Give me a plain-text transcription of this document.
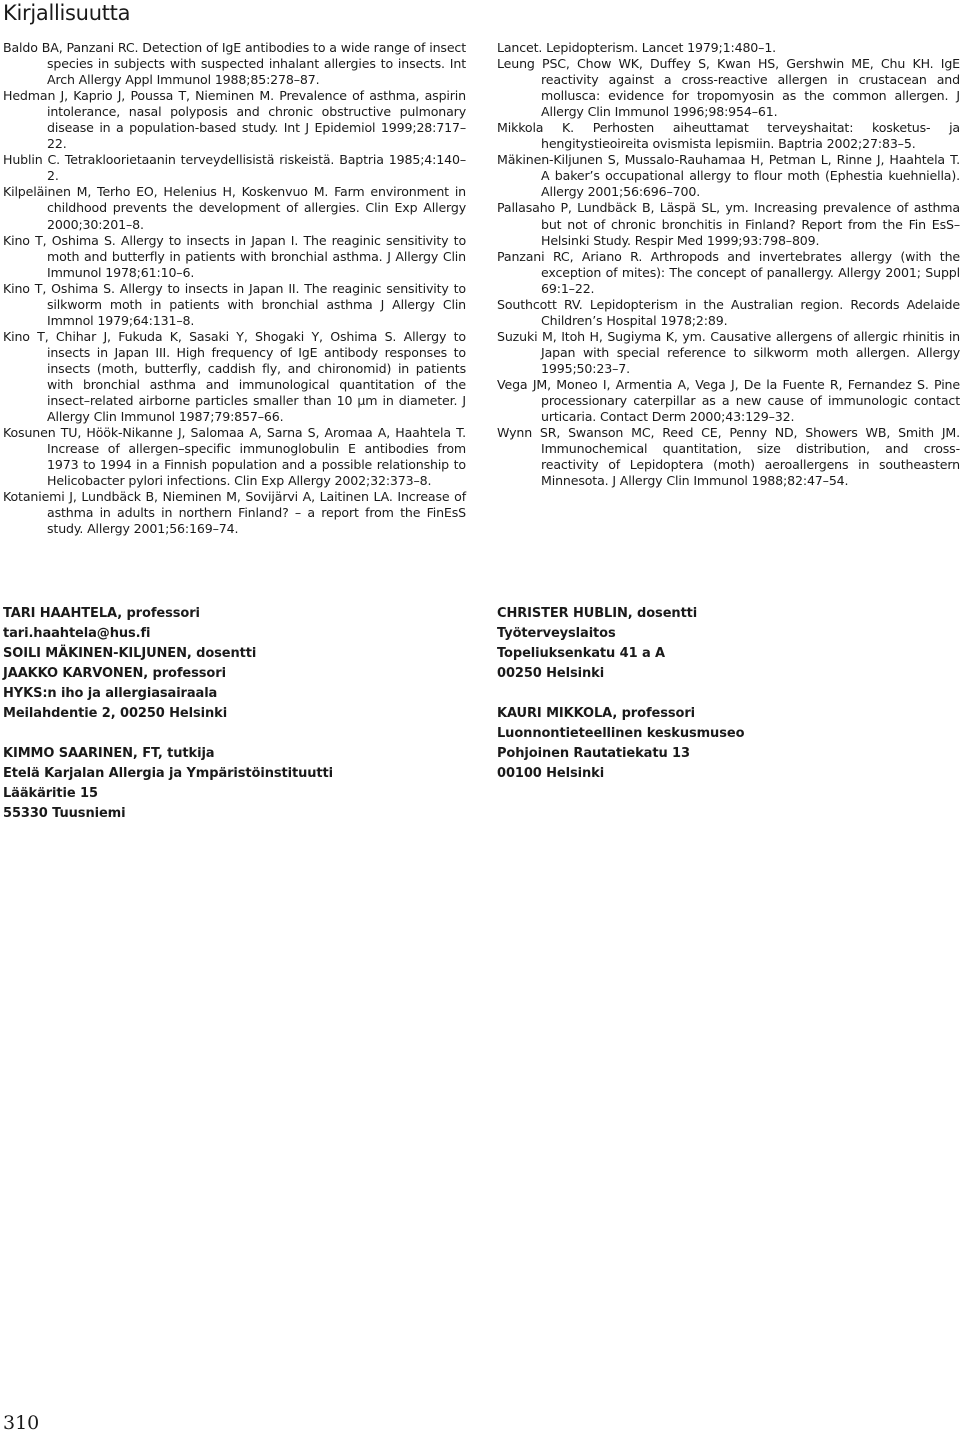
Kirjallisuutta

Baldo BA, Panzani RC. Detection of IgE antibodies to a wide range of insect species in subjects with suspected inhalant allergies to insects. Int Arch Allergy Appl Immunol 1988;85:278–87.

Hedman J, Kaprio J, Poussa T, Nieminen M. Prevalence of asthma, aspirin intolerance, nasal polyposis and chronic obstructive pulmonary disease in a population-based study. Int J Epidemiol 1999;28:717–22.

Hublin C. Tetrakloorietaanin terveydellisistä riskeistä. Baptria 1985;4:140–2.

Kilpeläinen M, Terho EO, Helenius H, Koskenvuo M. Farm environment in childhood prevents the development of allergies. Clin Exp Allergy 2000;30:201–8.

Kino T, Oshima S. Allergy to insects in Japan I. The reaginic sensitivity to moth and butterfly in patients with bronchial asthma. J Allergy Clin Immunol 1978;61:10–6.

Kino T, Oshima S. Allergy to insects in Japan II. The reaginic sensitivity to silkworm moth in patients with bronchial asthma J Allergy Clin Immnol 1979;64:131–8.

Kino T, Chihar J, Fukuda K, Sasaki Y, Shogaki Y, Oshima S. Allergy to insects in Japan III. High frequency of IgE antibody responses to insects (moth, butterfly, caddish fly, and chironomid) in patients with bronchial asthma and immunological quantitation of the insect–related airborne particles smaller than 10 µm in diameter. J Allergy Clin Immunol 1987;79:857–66.

Kosunen TU, Höök-Nikanne J, Salomaa A, Sarna S, Aromaa A, Haahtela T. Increase of allergen–specific immunoglobulin E antibodies from 1973 to 1994 in a Finnish population and a possible relationship to Helicobacter pylori infections. Clin Exp Allergy 2002;32:373–8.

Kotaniemi J, Lundbäck B, Nieminen M, Sovijärvi A, Laitinen LA. Increase of asthma in adults in northern Finland? – a report from the FinEsS study. Allergy 2001;56:169–74.

Lancet. Lepidopterism. Lancet 1979;1:480–1.

Leung PSC, Chow WK, Duffey S, Kwan HS, Gershwin ME, Chu KH. IgE reactivity against a cross-reactive allergen in crustacean and mollusca: evidence for tropomyosin as the common allergen. J Allergy Clin Immunol 1996;98:954–61.

Mikkola K. Perhosten aiheuttamat terveyshaitat: kosketus- ja hengitystieoireita ovismista lepismiin. Baptria 2002;27:83–5.

Mäkinen-Kiljunen S, Mussalo-Rauhamaa H, Petman L, Rinne J, Haahtela T. A baker’s occupational allergy to flour moth (Ephestia kuehniella). Allergy 2001;56:696–700.

Pallasaho P, Lundbäck B, Läspä SL, ym. Increasing prevalence of asthma but not of chronic bronchitis in Finland? Report from the Fin EsS–Helsinki Study. Respir Med 1999;93:798–809.

Panzani RC, Ariano R. Arthropods and invertebrates allergy (with the exception of mites): The concept of panallergy. Allergy 2001; Suppl 69:1–22.

Southcott RV. Lepidopterism in the Australian region. Records Adelaide Children’s Hospital 1978;2:89.

Suzuki M, Itoh H, Sugiyma K, ym. Causative allergens of allergic rhinitis in Japan with special reference to silkworm moth allergen. Allergy 1995;50:23–7.

Vega JM, Moneo I, Armentia A, Vega J, De la Fuente R, Fernandez S. Pine processionary caterpillar as a new cause of immunologic contact urticaria. Contact Derm 2000;43:129–32.

Wynn SR, Swanson MC, Reed CE, Penny ND, Showers WB, Smith JM. Immunochemical quantitation, size distribution, and cross-reactivity of Lepidoptera (moth) aeroallergens in southeastern Minnesota. J Allergy Clin Immunol 1988;82:47–54.

TARI HAAHTELA, professori
tari.haahtela@hus.fi
SOILI MÄKINEN-KILJUNEN, dosentti
JAAKKO KARVONEN, professori
HYKS:n iho ja allergiasairaala
Meilahdentie 2, 00250 Helsinki
KIMMO SAARINEN, FT, tutkija
Etelä Karjalan Allergia ja Ympäristöinstituutti
Lääkäritie 15
55330 Tuusniemi
CHRISTER HUBLIN, dosentti
Työterveyslaitos
Topeliuksenkatu 41 a A
00250 Helsinki
KAURI MIKKOLA, professori
Luonnontieteellinen keskusmuseo
Pohjoinen Rautatiekatu 13
00100 Helsinki
310
